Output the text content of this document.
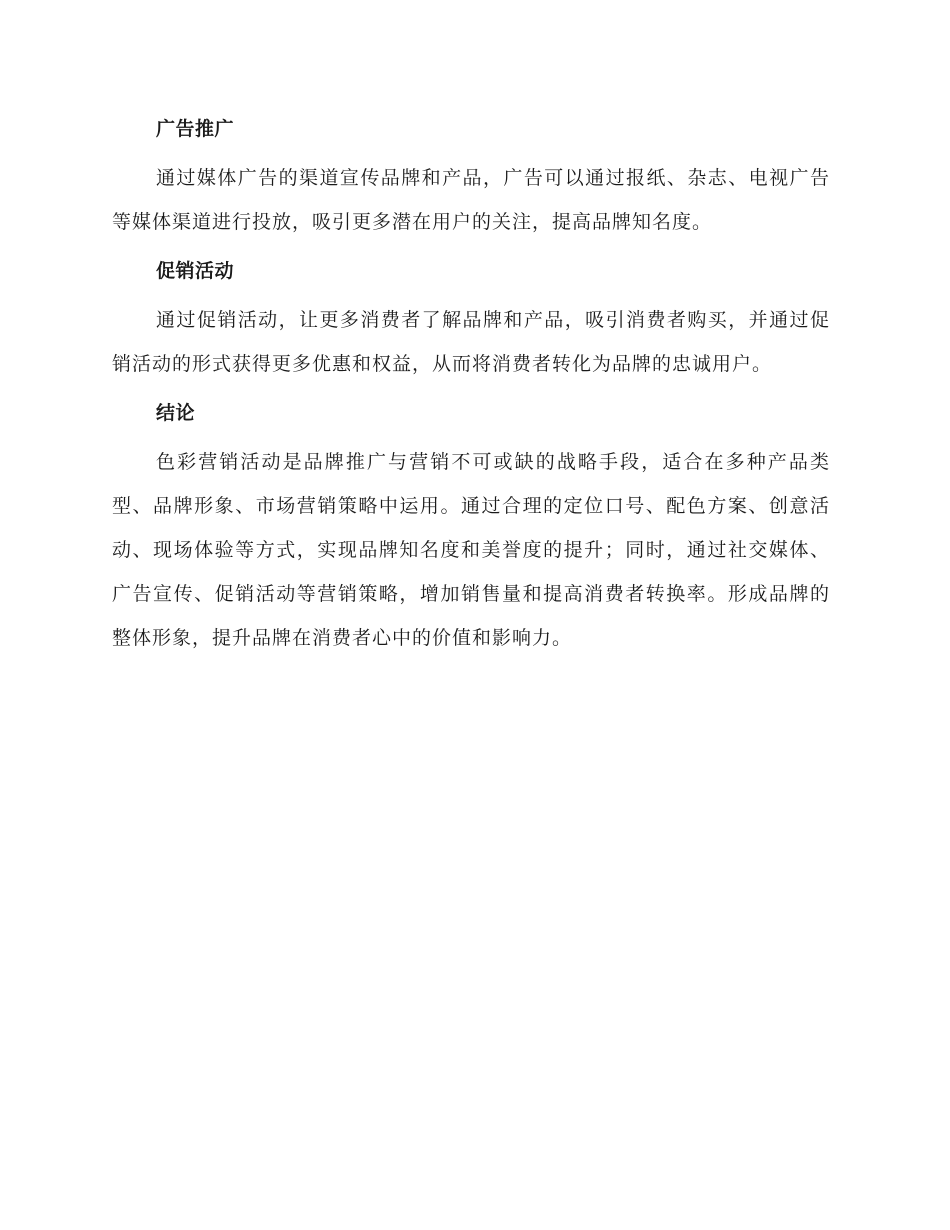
广告推广

通过媒体广告的渠道宣传品牌和产品，广告可以通过报纸、杂志、电视广告等媒体渠道进行投放，吸引更多潜在用户的关注，提高品牌知名度。

促销活动

通过促销活动，让更多消费者了解品牌和产品，吸引消费者购买，并通过促销活动的形式获得更多优惠和权益，从而将消费者转化为品牌的忠诚用户。

结论

色彩营销活动是品牌推广与营销不可或缺的战略手段，适合在多种产品类型、品牌形象、市场营销策略中运用。通过合理的定位口号、配色方案、创意活动、现场体验等方式，实现品牌知名度和美誉度的提升；同时，通过社交媒体、广告宣传、促销活动等营销策略，增加销售量和提高消费者转换率。形成品牌的整体形象，提升品牌在消费者心中的价值和影响力。
